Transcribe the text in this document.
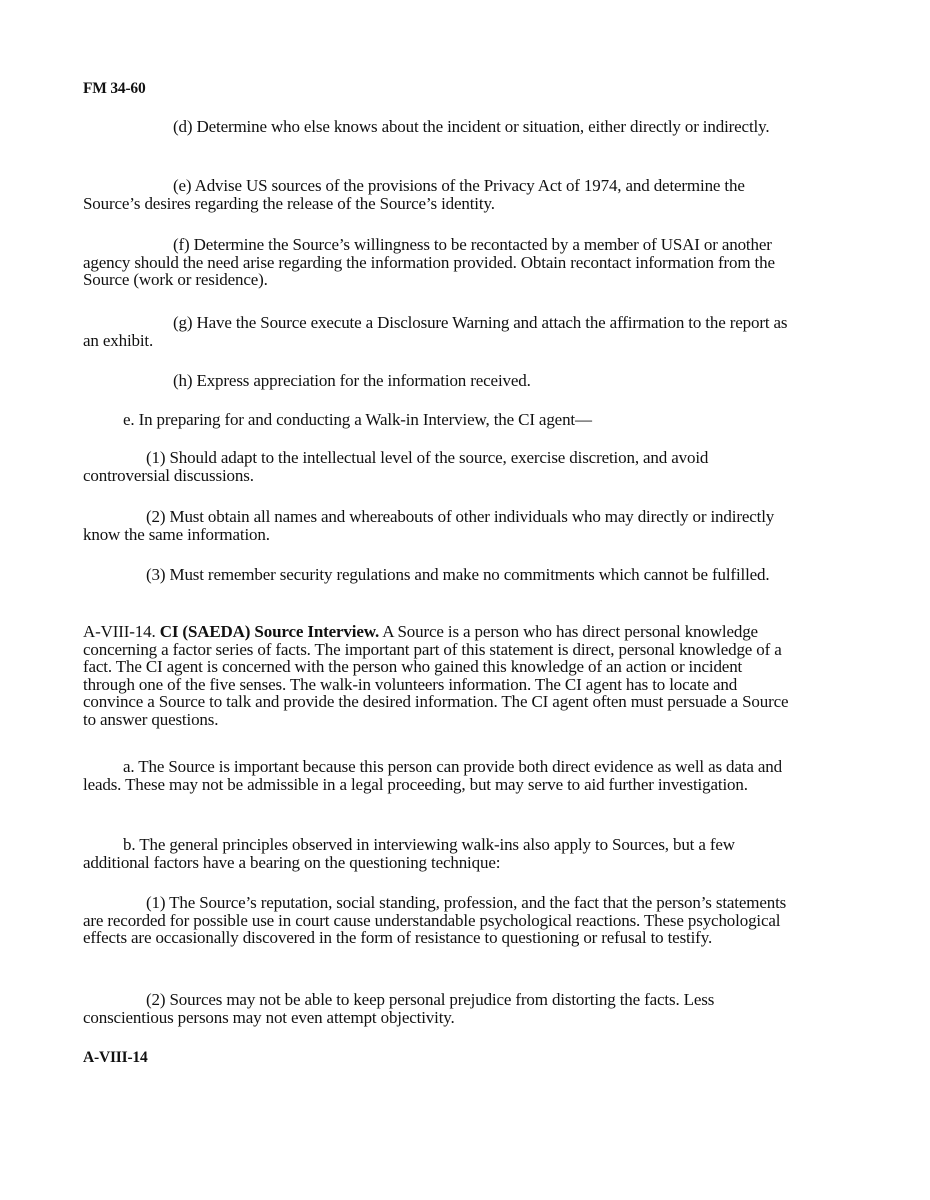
FM 34-60

(d) Determine who else knows about the incident or situation, either directly or indirectly.

(e) Advise US sources of the provisions of the Privacy Act of 1974, and determine the Source’s desires regarding the release of the Source’s identity.

(f) Determine the Source’s willingness to be recontacted by a member of USAI or another agency should the need arise regarding the information provided. Obtain recontact information from the Source (work or residence).

(g) Have the Source execute a Disclosure Warning and attach the affirmation to the report as an exhibit.

(h) Express appreciation for the information received.

e. In preparing for and conducting a Walk-in Interview, the CI agent—

(1) Should adapt to the intellectual level of the source, exercise discretion, and avoid controversial discussions.

(2) Must obtain all names and whereabouts of other individuals who may directly or indirectly know the same information.

(3) Must remember security regulations and make no commitments which cannot be fulfilled.

A-VIII-14. CI (SAEDA) Source Interview. A Source is a person who has direct personal knowledge concerning a factor series of facts. The important part of this statement is direct, personal knowledge of a fact. The CI agent is concerned with the person who gained this knowledge of an action or incident through one of the five senses. The walk-in volunteers information. The CI agent has to locate and convince a Source to talk and provide the desired information. The CI agent often must persuade a Source to answer questions.

a. The Source is important because this person can provide both direct evidence as well as data and leads. These may not be admissible in a legal proceeding, but may serve to aid further investigation.

b. The general principles observed in interviewing walk-ins also apply to Sources, but a few additional factors have a bearing on the questioning technique:

(1) The Source’s reputation, social standing, profession, and the fact that the person’s statements are recorded for possible use in court cause understandable psychological reactions. These psychological effects are occasionally discovered in the form of resistance to questioning or refusal to testify.

(2) Sources may not be able to keep personal prejudice from distorting the facts. Less conscientious persons may not even attempt objectivity.

A-VIII-14
